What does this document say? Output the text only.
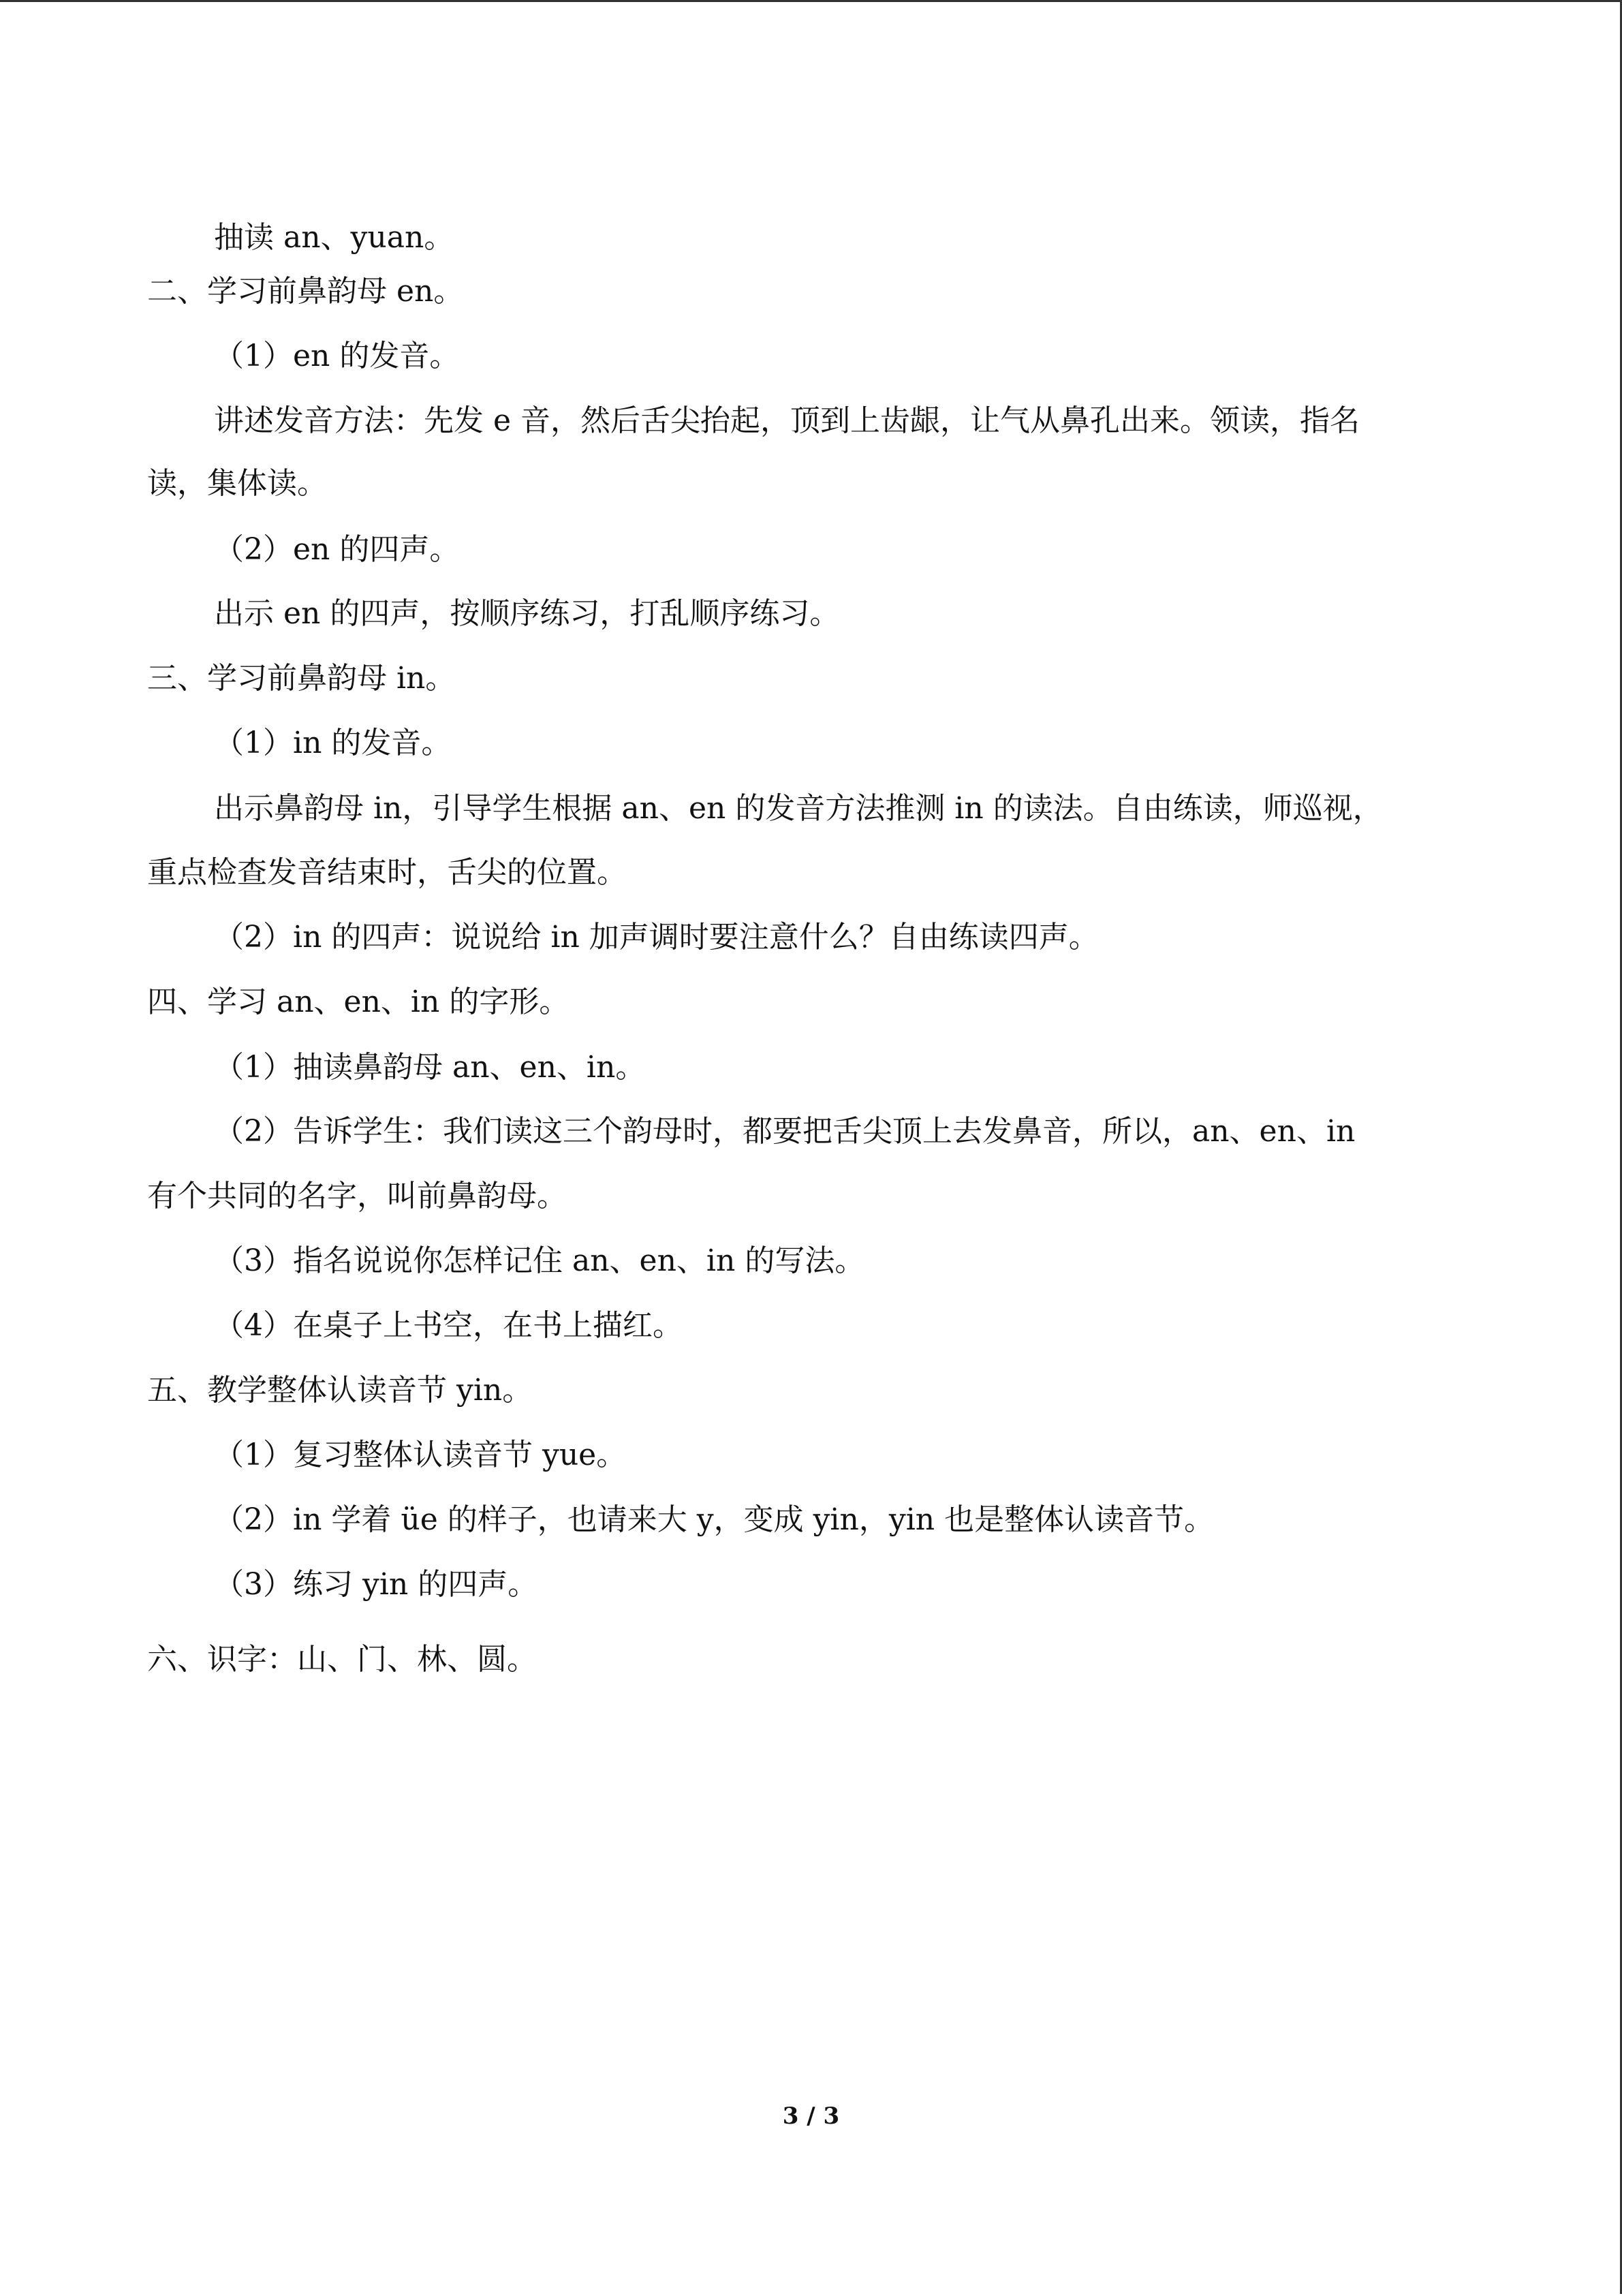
抽读 an、yuan。

二、学习前鼻韵母 en。

（1）en 的发音。

讲述发音方法：先发 e 音，然后舌尖抬起，顶到上齿龈，让气从鼻孔出来。领读，指名

读，集体读。

（2）en 的四声。

出示 en 的四声，按顺序练习，打乱顺序练习。

三、学习前鼻韵母 in。

（1）in 的发音。

出示鼻韵母 in，引导学生根据 an、en 的发音方法推测 in 的读法。自由练读，师巡视，

重点检查发音结束时，舌尖的位置。

（2）in 的四声：说说给 in 加声调时要注意什么？自由练读四声。

四、学习 an、en、in 的字形。

（1）抽读鼻韵母 an、en、in。

（2）告诉学生：我们读这三个韵母时，都要把舌尖顶上去发鼻音，所以，an、en、in

有个共同的名字，叫前鼻韵母。

（3）指名说说你怎样记住 an、en、in 的写法。

（4）在桌子上书空，在书上描红。

五、教学整体认读音节 yin。

（1）复习整体认读音节 yue。

（2）in 学着 üe 的样子，也请来大 y，变成 yin，yin 也是整体认读音节。

（3）练习 yin 的四声。

六、识字：山、门、林、圆。

3 / 3
